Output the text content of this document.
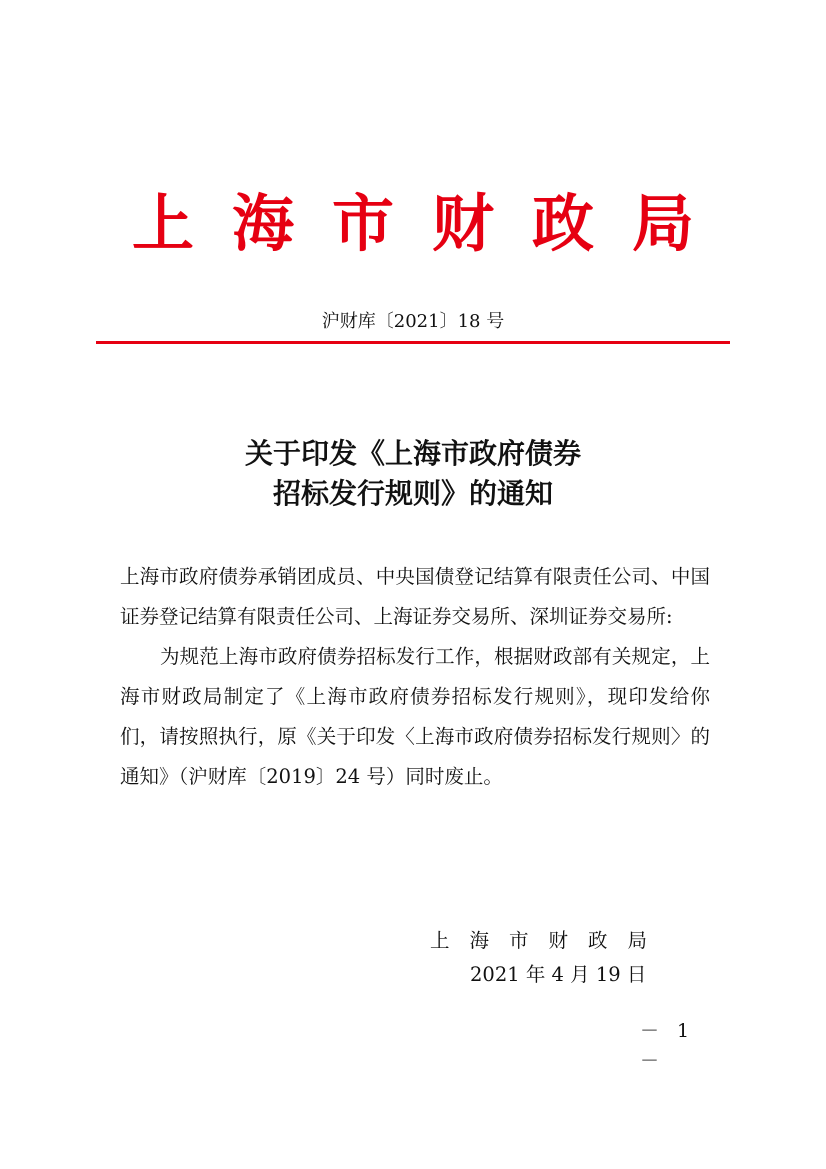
上海市财政局
沪财库〔2021〕18 号
关于印发《上海市政府债券
招标发行规则》的通知

上海市政府债券承销团成员、中央国债登记结算有限责任公司、中国证券登记结算有限责任公司、上海证券交易所、深圳证券交易所:

为规范上海市政府债券招标发行工作，根据财政部有关规定，上海市财政局制定了《上海市政府债券招标发行规则》，现印发给你们，请按照执行，原《关于印发〈上海市政府债券招标发行规则〉的通知》（沪财库〔2019〕24 号）同时废止。

上海市财政局
2021 年 4 月 19 日
－ 1 －
